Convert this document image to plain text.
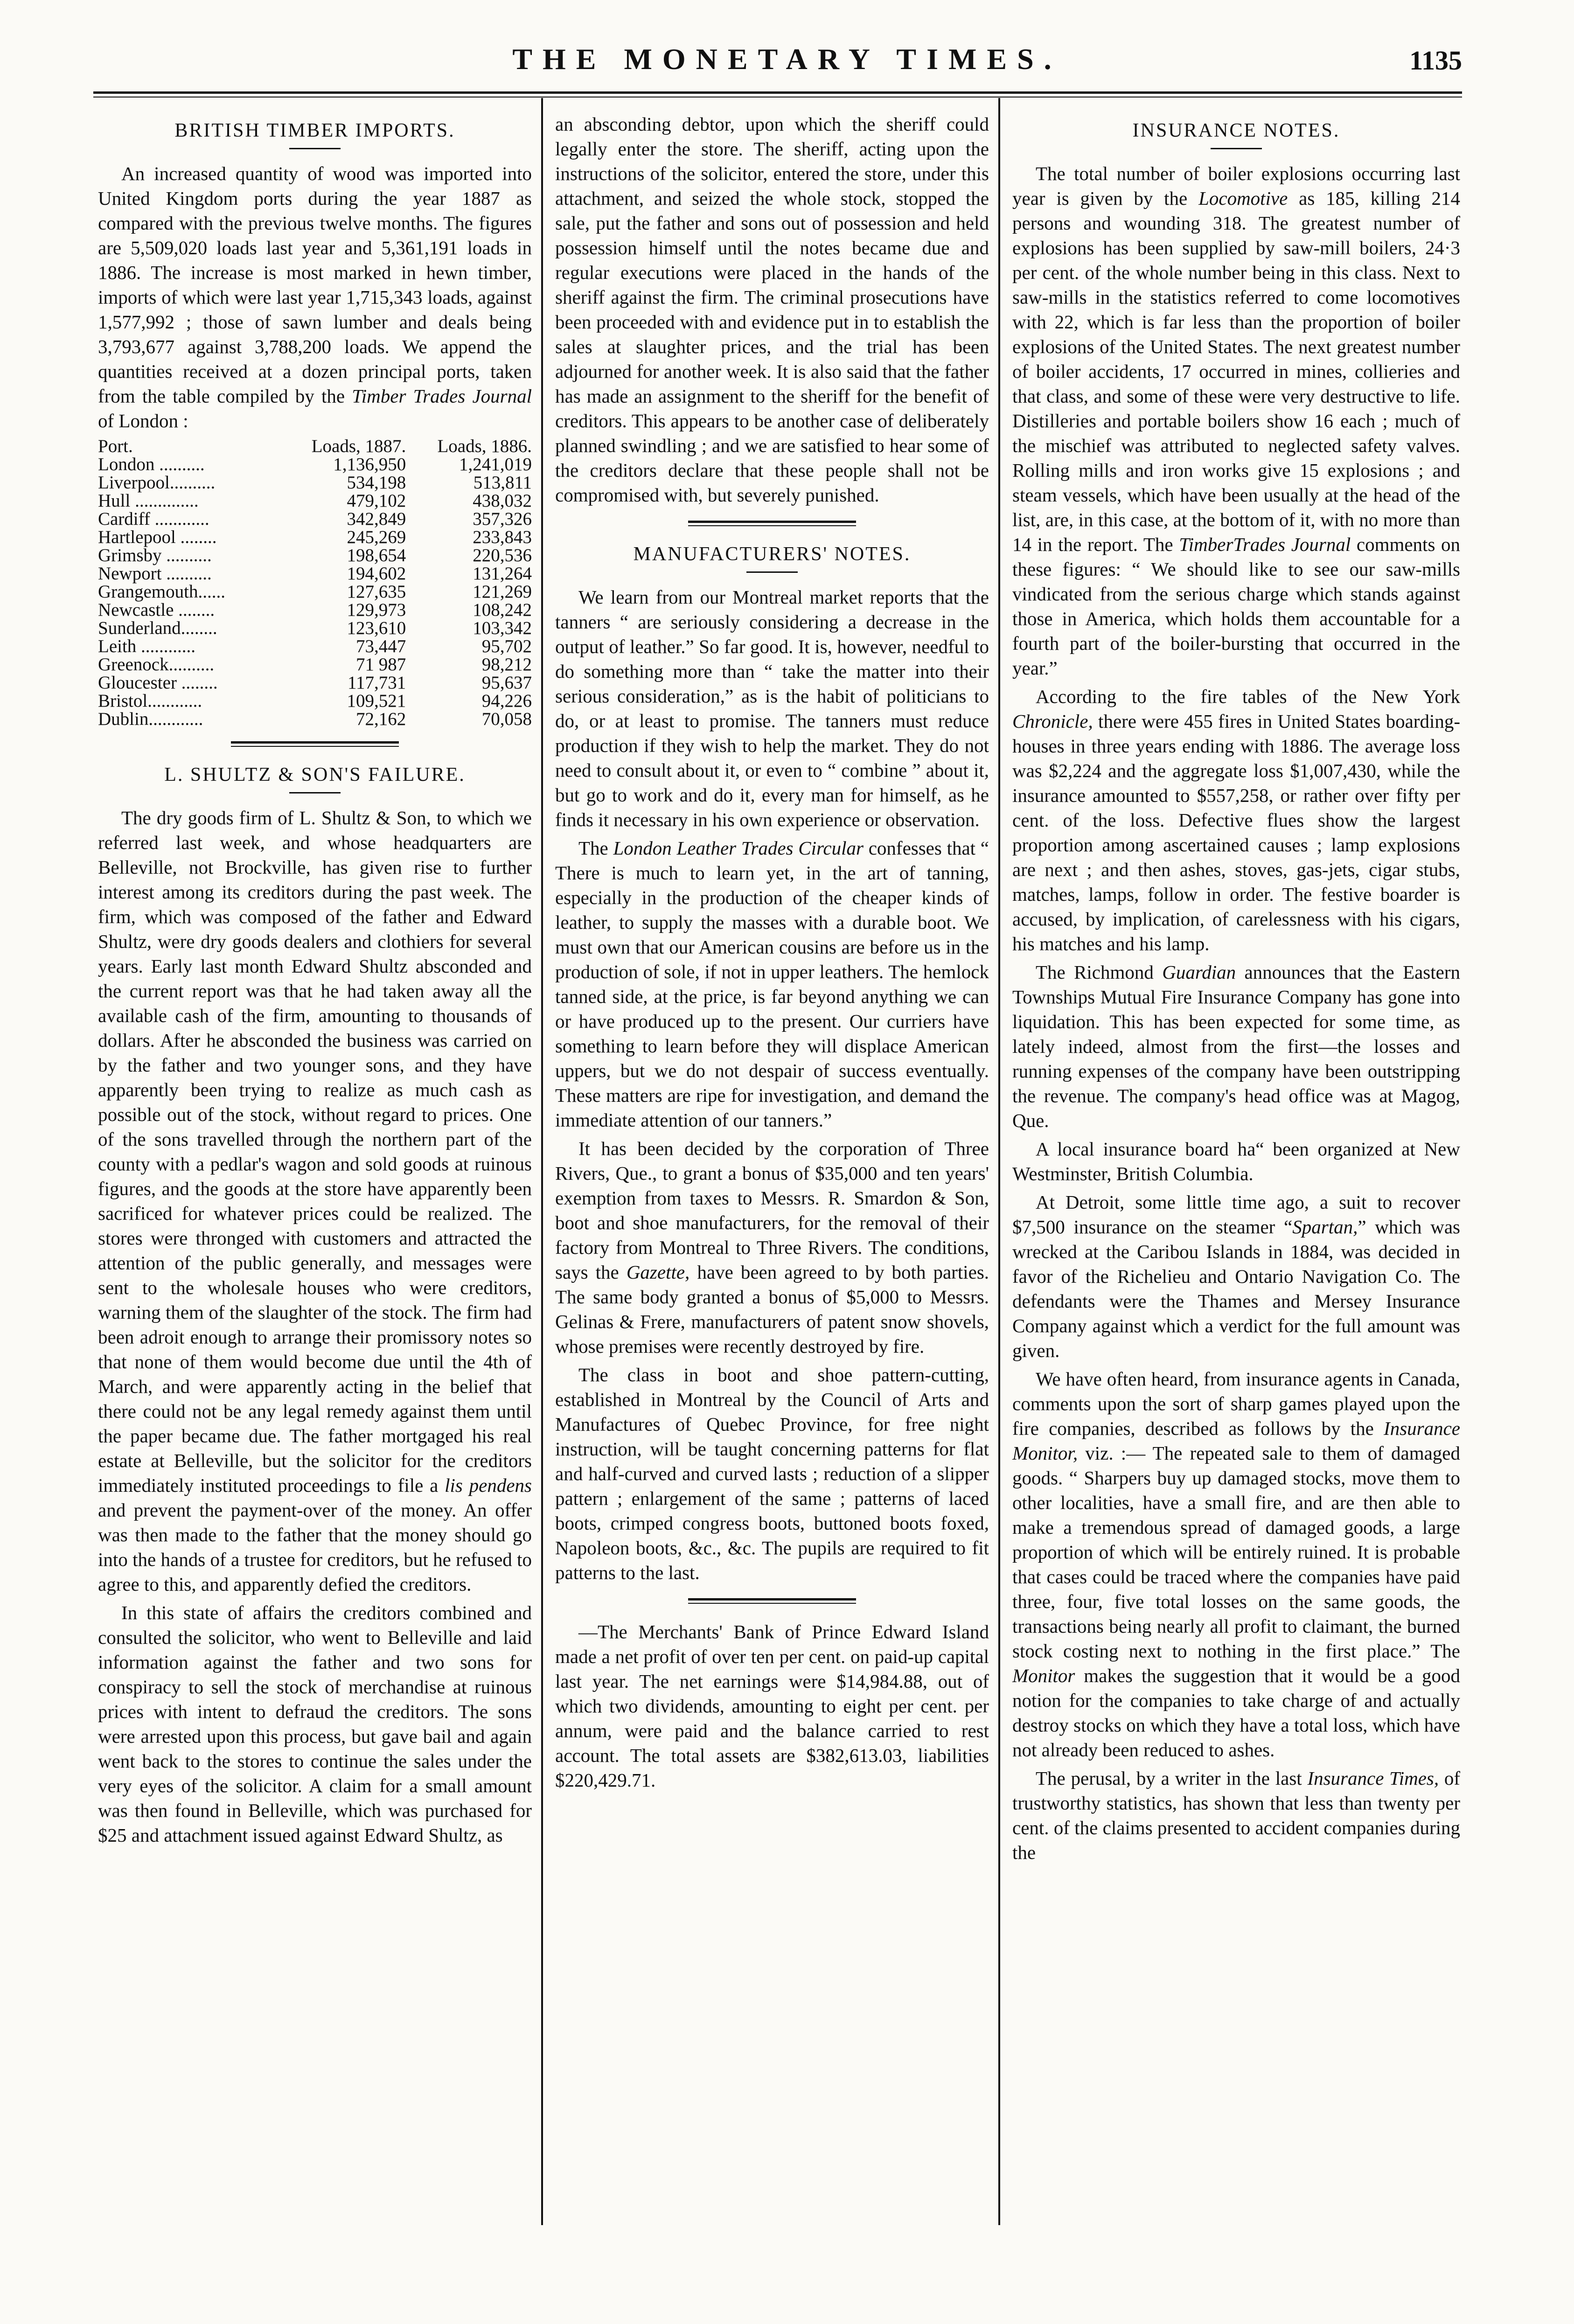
THE MONETARY TIMES.	1135
BRITISH TIMBER IMPORTS.

An increased quantity of wood was imported into United Kingdom ports during the year 1887 as compared with the previous twelve months. The figures are 5,509,020 loads last year and 5,361,191 loads in 1886. The increase is most marked in hewn timber, imports of which were last year 1,715,343 loads, against 1,577,992 ; those of sawn lumber and deals being 3,793,677 against 3,788,200 loads. We append the quantities received at a dozen principal ports, taken from the table compiled by the Timber Trades Journal of London :

Port.	Loads, 1887.	Loads, 1886.
London ..........	1,136,950	1,241,019
Liverpool..........	534,198	513,811
Hull ..............	479,102	438,032
Cardiff ............	342,849	357,326
Hartlepool ........	245,269	233,843
Grimsby ..........	198,654	220,536
Newport ..........	194,602	131,264
Grangemouth......	127,635	121,269
Newcastle ........	129,973	108,242
Sunderland........	123,610	103,342
Leith ............	73,447	95,702
Greenock..........	71 987	98,212
Gloucester ........	117,731	95,637
Bristol............	109,521	94,226
Dublin............	72,162	70,058
L. SHULTZ & SON'S FAILURE.

The dry goods firm of L. Shultz & Son, to which we referred last week, and whose headquarters are Belleville, not Brockville, has given rise to further interest among its creditors during the past week. The firm, which was composed of the father and Edward Shultz, were dry goods dealers and clothiers for several years. Early last month Edward Shultz absconded and the current report was that he had taken away all the available cash of the firm, amounting to thousands of dollars. After he absconded the business was carried on by the father and two younger sons, and they have apparently been trying to realize as much cash as possible out of the stock, without regard to prices. One of the sons travelled through the northern part of the county with a pedlar's wagon and sold goods at ruinous figures, and the goods at the store have apparently been sacrificed for whatever prices could be realized. The stores were thronged with customers and attracted the attention of the public generally, and messages were sent to the wholesale houses who were creditors, warning them of the slaughter of the stock. The firm had been adroit enough to arrange their promissory notes so that none of them would become due until the 4th of March, and were apparently acting in the belief that there could not be any legal remedy against them until the paper became due. The father mortgaged his real estate at Belleville, but the solicitor for the creditors immediately instituted proceedings to file a lis pendens and prevent the payment-over of the money. An offer was then made to the father that the money should go into the hands of a trustee for creditors, but he refused to agree to this, and apparently defied the creditors.

In this state of affairs the creditors combined and consulted the solicitor, who went to Belleville and laid information against the father and two sons for conspiracy to sell the stock of merchandise at ruinous prices with intent to defraud the creditors. The sons were arrested upon this process, but gave bail and again went back to the stores to continue the sales under the very eyes of the solicitor. A claim for a small amount was then found in Belleville, which was purchased for $25 and attachment issued against Edward Shultz, as

an absconding debtor, upon which the sheriff could legally enter the store. The sheriff, acting upon the instructions of the solicitor, entered the store, under this attachment, and seized the whole stock, stopped the sale, put the father and sons out of possession and held possession himself until the notes became due and regular executions were placed in the hands of the sheriff against the firm. The criminal prosecutions have been proceeded with and evidence put in to establish the sales at slaughter prices, and the trial has been adjourned for another week. It is also said that the father has made an assignment to the sheriff for the benefit of creditors. This appears to be another case of deliberately planned swindling ; and we are satisfied to hear some of the creditors declare that these people shall not be compromised with, but severely punished.

MANUFACTURERS' NOTES.

We learn from our Montreal market reports that the tanners “ are seriously considering a decrease in the output of leather.” So far good. It is, however, needful to do something more than “ take the matter into their serious consideration,” as is the habit of politicians to do, or at least to promise. The tanners must reduce production if they wish to help the market. They do not need to consult about it, or even to “ combine ” about it, but go to work and do it, every man for himself, as he finds it necessary in his own experience or observation.

The London Leather Trades Circular confesses that “ There is much to learn yet, in the art of tanning, especially in the production of the cheaper kinds of leather, to supply the masses with a durable boot. We must own that our American cousins are before us in the production of sole, if not in upper leathers. The hemlock tanned side, at the price, is far beyond anything we can or have produced up to the present. Our curriers have something to learn before they will displace American uppers, but we do not despair of success eventually. These matters are ripe for investigation, and demand the immediate attention of our tanners.”

It has been decided by the corporation of Three Rivers, Que., to grant a bonus of $35,000 and ten years' exemption from taxes to Messrs. R. Smardon & Son, boot and shoe manufacturers, for the removal of their factory from Montreal to Three Rivers. The conditions, says the Gazette, have been agreed to by both parties. The same body granted a bonus of $5,000 to Messrs. Gelinas & Frere, manufacturers of patent snow shovels, whose premises were recently destroyed by fire.

The class in boot and shoe pattern-cutting, established in Montreal by the Council of Arts and Manufactures of Quebec Province, for free night instruction, will be taught concerning patterns for flat and half-curved and curved lasts ; reduction of a slipper pattern ; enlargement of the same ; patterns of laced boots, crimped congress boots, buttoned boots foxed, Napoleon boots, &c., &c. The pupils are required to fit patterns to the last.

—The Merchants' Bank of Prince Edward Island made a net profit of over ten per cent. on paid-up capital last year. The net earnings were $14,984.88, out of which two dividends, amounting to eight per cent. per annum, were paid and the balance carried to rest account. The total assets are $382,613.03, liabilities $220,429.71.

INSURANCE NOTES.

The total number of boiler explosions occurring last year is given by the Locomotive as 185, killing 214 persons and wounding 318. The greatest number of explosions has been supplied by saw-mill boilers, 24·3 per cent. of the whole number being in this class. Next to saw-mills in the statistics referred to come locomotives with 22, which is far less than the proportion of boiler explosions of the United States. The next greatest number of boiler accidents, 17 occurred in mines, collieries and that class, and some of these were very destructive to life. Distilleries and portable boilers show 16 each ; much of the mischief was attributed to neglected safety valves. Rolling mills and iron works give 15 explosions ; and steam vessels, which have been usually at the head of the list, are, in this case, at the bottom of it, with no more than 14 in the report. The TimberTrades Journal comments on these figures: “ We should like to see our saw-mills vindicated from the serious charge which stands against those in America, which holds them accountable for a fourth part of the boiler-bursting that occurred in the year.”

According to the fire tables of the New York Chronicle, there were 455 fires in United States boarding-houses in three years ending with 1886. The average loss was $2,224 and the aggregate loss $1,007,430, while the insurance amounted to $557,258, or rather over fifty per cent. of the loss. Defective flues show the largest proportion among ascertained causes ; lamp explosions are next ; and then ashes, stoves, gas-jets, cigar stubs, matches, lamps, follow in order. The festive boarder is accused, by implication, of carelessness with his cigars, his matches and his lamp.

The Richmond Guardian announces that the Eastern Townships Mutual Fire Insurance Company has gone into liquidation. This has been expected for some time, as lately indeed, almost from the first—the losses and running expenses of the company have been outstripping the revenue. The company's head office was at Magog, Que.

A local insurance board ha“ been organized at New Westminster, British Columbia.

At Detroit, some little time ago, a suit to recover $7,500 insurance on the steamer “Spartan,” which was wrecked at the Caribou Islands in 1884, was decided in favor of the Richelieu and Ontario Navigation Co. The defendants were the Thames and Mersey Insurance Company against which a verdict for the full amount was given.

We have often heard, from insurance agents in Canada, comments upon the sort of sharp games played upon the fire companies, described as follows by the Insurance Monitor, viz. :— The repeated sale to them of damaged goods. “ Sharpers buy up damaged stocks, move them to other localities, have a small fire, and are then able to make a tremendous spread of damaged goods, a large proportion of which will be entirely ruined. It is probable that cases could be traced where the companies have paid three, four, five total losses on the same goods, the transactions being nearly all profit to claimant, the burned stock costing next to nothing in the first place.” The Monitor makes the suggestion that it would be a good notion for the companies to take charge of and actually destroy stocks on which they have a total loss, which have not already been reduced to ashes.

The perusal, by a writer in the last Insurance Times, of trustworthy statistics, has shown that less than twenty per cent. of the claims presented to accident companies during the
